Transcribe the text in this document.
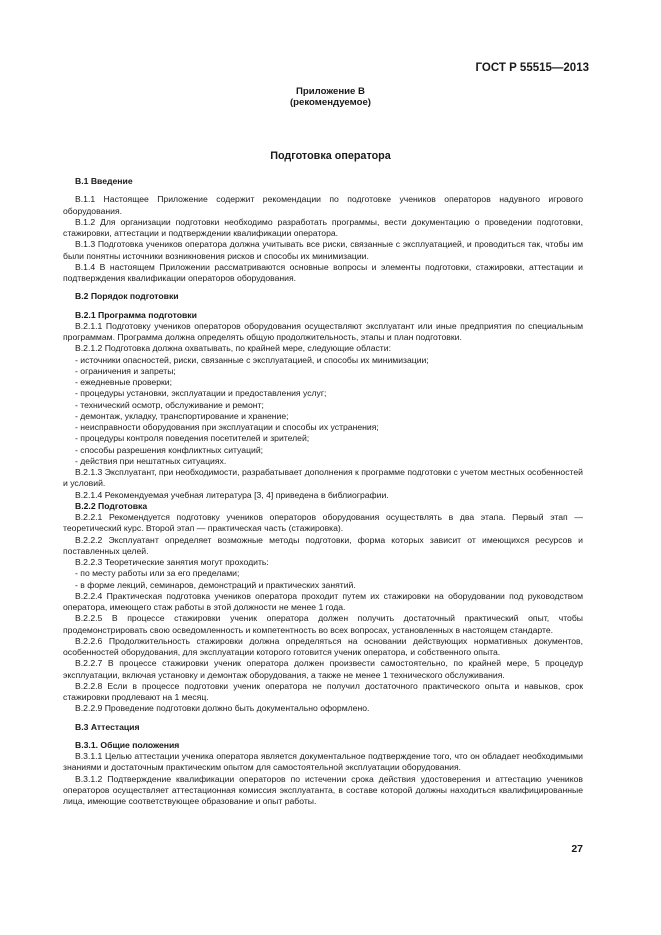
ГОСТ Р 55515—2013
Приложение В
(рекомендуемое)
Подготовка оператора

В.1 Введение

В.1.1 Настоящее Приложение содержит рекомендации по подготовке учеников операторов надувного игрового оборудования.

В.1.2 Для организации подготовки необходимо разработать программы, вести документацию о проведении подготовки, стажировки, аттестации и подтверждении квалификации оператора.

В.1.3 Подготовка учеников оператора должна учитывать все риски, связанные с эксплуатацией, и проводиться так, чтобы им были понятны источники возникновения рисков и способы их минимизации.

В.1.4 В настоящем Приложении рассматриваются основные вопросы и элементы подготовки, стажировки, аттестации и подтверждения квалификации операторов оборудования.

В.2 Порядок подготовки

В.2.1 Программа подготовки

В.2.1.1 Подготовку учеников операторов оборудования осуществляют эксплуатант или иные предприятия по специальным программам. Программа должна определять общую продолжительность, этапы и план подготовки.

В.2.1.2 Подготовка должна охватывать, по крайней мере, следующие области:

- источники опасностей, риски, связанные с эксплуатацией, и способы их минимизации;

- ограничения и запреты;

- ежедневные проверки;

- процедуры установки, эксплуатации и предоставления услуг;

- технический осмотр, обслуживание и ремонт;

- демонтаж, укладку, транспортирование и хранение;

- неисправности оборудования при эксплуатации и способы их устранения;

- процедуры контроля поведения посетителей и зрителей;

- способы разрешения конфликтных ситуаций;

- действия при нештатных ситуациях.

В.2.1.3 Эксплуатант, при необходимости, разрабатывает дополнения к программе подготовки с учетом местных особенностей и условий.

В.2.1.4 Рекомендуемая учебная литература [3, 4] приведена в библиографии.

В.2.2 Подготовка

В.2.2.1 Рекомендуется подготовку учеников операторов оборудования осуществлять в два этапа. Первый этап — теоретический курс. Второй этап — практическая часть (стажировка).

В.2.2.2 Эксплуатант определяет возможные методы подготовки, форма которых зависит от имеющихся ресурсов и поставленных целей.

В.2.2.3 Теоретические занятия могут проходить:

- по месту работы или за его пределами;

- в форме лекций, семинаров, демонстраций и практических занятий.

В.2.2.4 Практическая подготовка учеников оператора проходит путем их стажировки на оборудовании под руководством оператора, имеющего стаж работы в этой должности не менее 1 года.

В.2.2.5 В процессе стажировки ученик оператора должен получить достаточный практический опыт, чтобы продемонстрировать свою осведомленность и компетентность во всех вопросах, установленных в настоящем стандарте.

В.2.2.6 Продолжительность стажировки должна определяться на основании действующих нормативных документов, особенностей оборудования, для эксплуатации которого готовится ученик оператора, и собственного опыта.

В.2.2.7 В процессе стажировки ученик оператора должен произвести самостоятельно, по крайней мере, 5 процедур эксплуатации, включая установку и демонтаж оборудования, а также не менее 1 технического обслуживания.

В.2.2.8 Если в процессе подготовки ученик оператора не получил достаточного практического опыта и навыков, срок стажировки продлевают на 1 месяц.

В.2.2.9 Проведение подготовки должно быть документально оформлено.

В.3 Аттестация

В.3.1. Общие положения

В.3.1.1 Целью аттестации ученика оператора является документальное подтверждение того, что он обладает необходимыми знаниями и достаточным практическим опытом для самостоятельной эксплуатации оборудования.

В.3.1.2 Подтверждение квалификации операторов по истечении срока действия удостоверения и аттестацию учеников операторов осуществляет аттестационная комиссия эксплуатанта, в составе которой должны находиться квалифицированные лица, имеющие соответствующее образование и опыт работы.

27
